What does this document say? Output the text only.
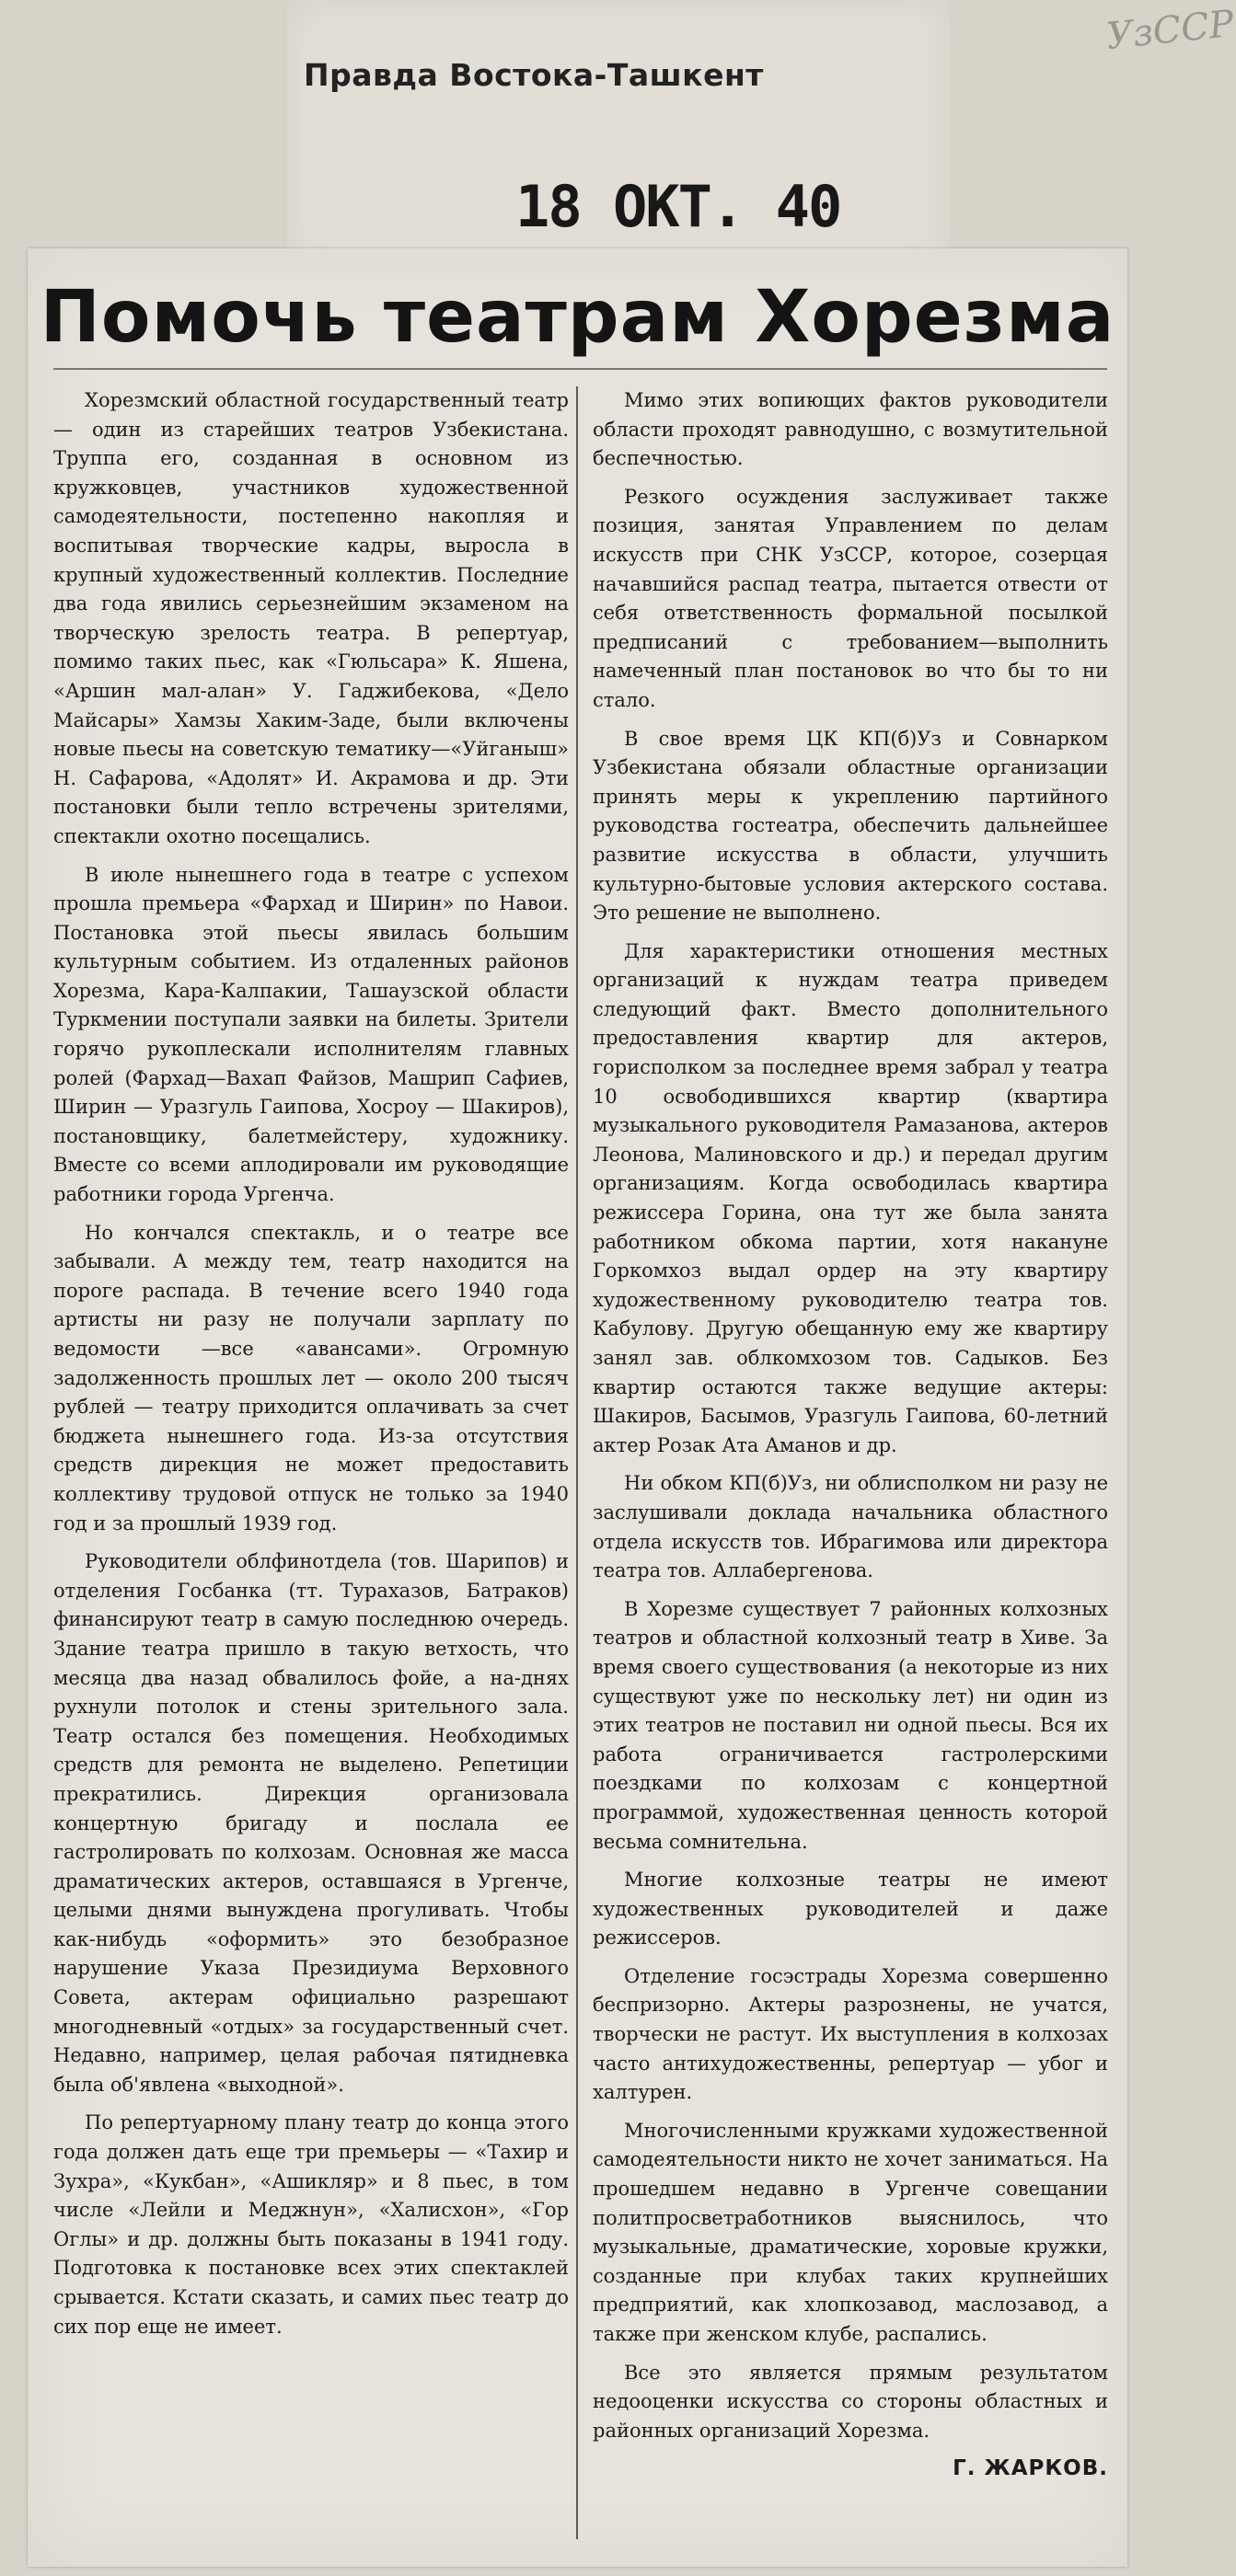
УзССР
Правда Востока-Ташкент
18 ОКТ. 40
Помочь театрам Хорезма

Хорезмский областной государственный театр — один из старейших театров Узбекистана. Труппа его, созданная в основном из кружковцев, участников художественной самодеятельности, постепенно накопляя и воспитывая творческие кадры, выросла в крупный художественный коллектив. Последние два года явились серьезнейшим экзаменом на творческую зрелость театра. В репертуар, помимо таких пьес, как «Гюльсара» К. Яшена, «Аршин мал-алан» У. Гаджибекова, «Дело Майсары» Хамзы Хаким-Заде, были включены новые пьесы на советскую тематику—«Уйганыш» Н. Сафарова, «Адолят» И. Акрамова и др. Эти постановки были тепло встречены зрителями, спектакли охотно посещались.

В июле нынешнего года в театре с успехом прошла премьера «Фархад и Ширин» по Навои. Постановка этой пьесы явилась большим культурным событием. Из отдаленных районов Хорезма, Кара-Калпакии, Ташаузской области Туркмении поступали заявки на билеты. Зрители горячо рукоплескали исполнителям главных ролей (Фархад—Вахап Файзов, Машрип Сафиев, Ширин — Уразгуль Гаипова, Хосроу — Шакиров), постановщику, балетмейстеру, художнику. Вместе со всеми аплодировали им руководящие работники города Ургенча.

Но кончался спектакль, и о театре все забывали. А между тем, театр находится на пороге распада. В течение всего 1940 года артисты ни разу не получали зарплату по ведомости —все «авансами». Огромную задолженность прошлых лет — около 200 тысяч рублей — театру приходится оплачивать за счет бюджета нынешнего года. Из-за отсутствия средств дирекция не может предоставить коллективу трудовой отпуск не только за 1940 год и за прошлый 1939 год.

Руководители облфинотдела (тов. Шарипов) и отделения Госбанка (тт. Турахазов, Батраков) финансируют театр в самую последнюю очередь. Здание театра пришло в такую ветхость, что месяца два назад обвалилось фойе, а на-днях рухнули потолок и стены зрительного зала. Театр остался без помещения. Необходимых средств для ремонта не выделено. Репетиции прекратились. Дирекция организовала концертную бригаду и послала ее гастролировать по колхозам. Основная же масса драматических актеров, оставшаяся в Ургенче, целыми днями вынуждена прогуливать. Чтобы как-нибудь «оформить» это безобразное нарушение Указа Президиума Верховного Совета, актерам официально разрешают многодневный «отдых» за государственный счет. Недавно, например, целая рабочая пятидневка была об'явлена «выходной».

По репертуарному плану театр до конца этого года должен дать еще три премьеры — «Тахир и Зухра», «Кукбан», «Ашикляр» и 8 пьес, в том числе «Лейли и Меджнун», «Халисхон», «Гор Оглы» и др. должны быть показаны в 1941 году. Подготовка к постановке всех этих спектаклей срывается. Кстати сказать, и самих пьес театр до сих пор еще не имеет.

Мимо этих вопиющих фактов руководители области проходят равнодушно, с возмутительной беспечностью.

Резкого осуждения заслуживает также позиция, занятая Управлением по делам искусств при СНК УзССР, которое, созерцая начавшийся распад театра, пытается отвести от себя ответственность формальной посылкой предписаний с требованием—выполнить намеченный план постановок во что бы то ни стало.

В свое время ЦК КП(б)Уз и Совнарком Узбекистана обязали областные организации принять меры к укреплению партийного руководства гостеатра, обеспечить дальнейшее развитие искусства в области, улучшить культурно-бытовые условия актерского состава. Это решение не выполнено.

Для характеристики отношения местных организаций к нуждам театра приведем следующий факт. Вместо дополнительного предоставления квартир для актеров, горисполком за последнее время забрал у театра 10 освободившихся квартир (квартира музыкального руководителя Рамазанова, актеров Леонова, Малиновского и др.) и передал другим организациям. Когда освободилась квартира режиссера Горина, она тут же была занята работником обкома партии, хотя накануне Горкомхоз выдал ордер на эту квартиру художественному руководителю театра тов. Кабулову. Другую обещанную ему же квартиру занял зав. облкомхозом тов. Садыков. Без квартир остаются также ведущие актеры: Шакиров, Басымов, Уразгуль Гаипова, 60-летний актер Розак Ата Аманов и др.

Ни обком КП(б)Уз, ни облисполком ни разу не заслушивали доклада начальника областного отдела искусств тов. Ибрагимова или директора театра тов. Аллабергенова.

В Хорезме существует 7 районных колхозных театров и областной колхозный театр в Хиве. За время своего существования (а некоторые из них существуют уже по нескольку лет) ни один из этих театров не поставил ни одной пьесы. Вся их работа ограничивается гастролерскими поездками по колхозам с концертной программой, художественная ценность которой весьма сомнительна.

Многие колхозные театры не имеют художественных руководителей и даже режиссеров.

Отделение госэстрады Хорезма совершенно беспризорно. Актеры разрознены, не учатся, творчески не растут. Их выступления в колхозах часто антихудожественны, репертуар — убог и халтурен.

Многочисленными кружками художественной самодеятельности никто не хочет заниматься. На прошедшем недавно в Ургенче совещании политпросветработников выяснилось, что музыкальные, драматические, хоровые кружки, созданные при клубах таких крупнейших предприятий, как хлопкозавод, маслозавод, а также при женском клубе, распались.

Все это является прямым результатом недооценки искусства со стороны областных и районных организаций Хорезма.

Г. ЖАРКОВ.
